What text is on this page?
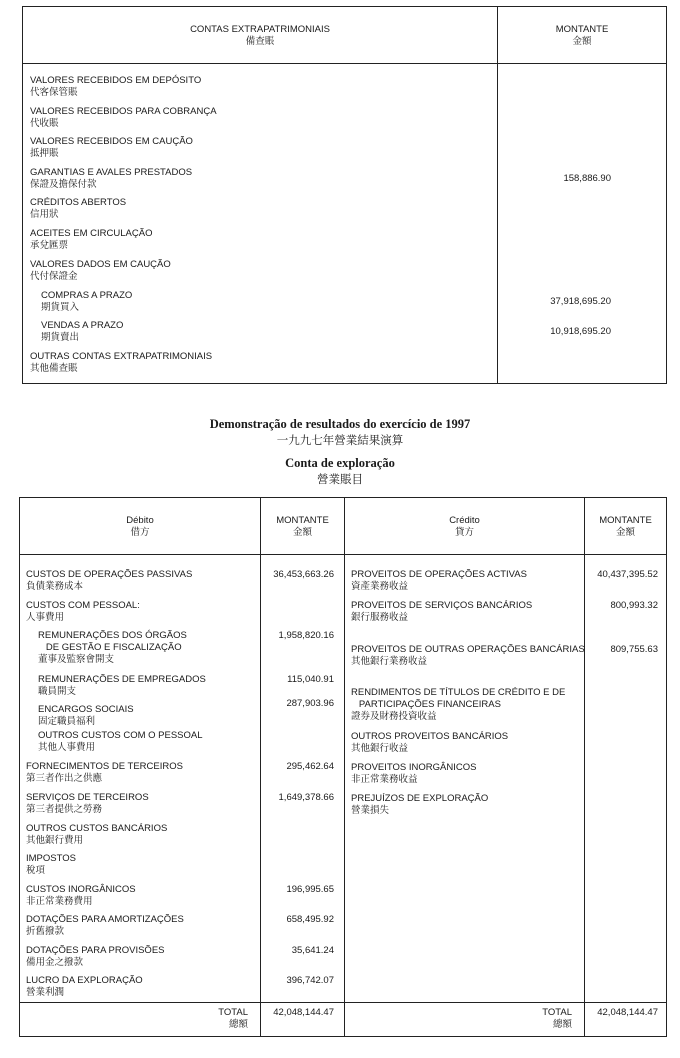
CONTAS EXTRAPATRIMONIAIS
備查賬
MONTANTE
金額
VALORES RECEBIDOS EM DEPÓSITO
代客保管賬
VALORES RECEBIDOS PARA COBRANÇA
代收賬
VALORES RECEBIDOS EM CAUÇÃO
抵押賬
GARANTIAS E AVALES PRESTADOS
保證及擔保付款
158,886.90
CRÉDITOS ABERTOS
信用狀
ACEITES EM CIRCULAÇÃO
承兌匯票
VALORES DADOS EM CAUÇÃO
代付保證金
COMPRAS A PRAZO
期貨買入
37,918,695.20
VENDAS A PRAZO
期貨賣出
10,918,695.20
OUTRAS CONTAS EXTRAPATRIMONIAIS
其他備查賬
Demonstração de resultados do exercício de 1997
一九九七年營業結果演算
Conta de exploração
營業賬目
Débito
借方
MONTANTE
金額
Crédito
貸方
MONTANTE
金額
CUSTOS DE OPERAÇÕES PASSIVAS
負債業務成本
36,453,663.26
CUSTOS COM PESSOAL:
人事費用
REMUNERAÇÕES DOS ÓRGÃOS
DE GESTÃO E FISCALIZAÇÃO
董事及監察會開支
1,958,820.16
REMUNERAÇÕES DE EMPREGADOS
職員開支
115,040.91
ENCARGOS SOCIAIS
固定職員福利
287,903.96
OUTROS CUSTOS COM O PESSOAL
其他人事費用
FORNECIMENTOS DE TERCEIROS
第三者作出之供應
295,462.64
SERVIÇOS DE TERCEIROS
第三者提供之勞務
1,649,378.66
OUTROS CUSTOS BANCÁRIOS
其他銀行費用
IMPOSTOS
稅項
CUSTOS INORGÂNICOS
非正常業務費用
196,995.65
DOTAÇÕES PARA AMORTIZAÇÕES
折舊撥款
658,495.92
DOTAÇÕES PARA PROVISÕES
備用金之撥款
35,641.24
LUCRO DA EXPLORAÇÃO
營業利潤
396,742.07
PROVEITOS DE OPERAÇÕES ACTIVAS
資產業務收益
40,437,395.52
PROVEITOS DE SERVIÇOS BANCÁRIOS
銀行服務收益
800,993.32
PROVEITOS DE OUTRAS OPERAÇÕES BANCÁRIAS
其他銀行業務收益
809,755.63
RENDIMENTOS DE TÍTULOS DE CRÉDITO E DE
PARTICIPAÇÕES FINANCEIRAS
證券及財務投資收益
OUTROS PROVEITOS BANCÁRIOS
其他銀行收益
PROVEITOS INORGÂNICOS
非正常業務收益
PREJUÍZOS DE EXPLORAÇÃO
營業損失
TOTAL
總額
42,048,144.47	TOTAL
總額
42,048,144.47
